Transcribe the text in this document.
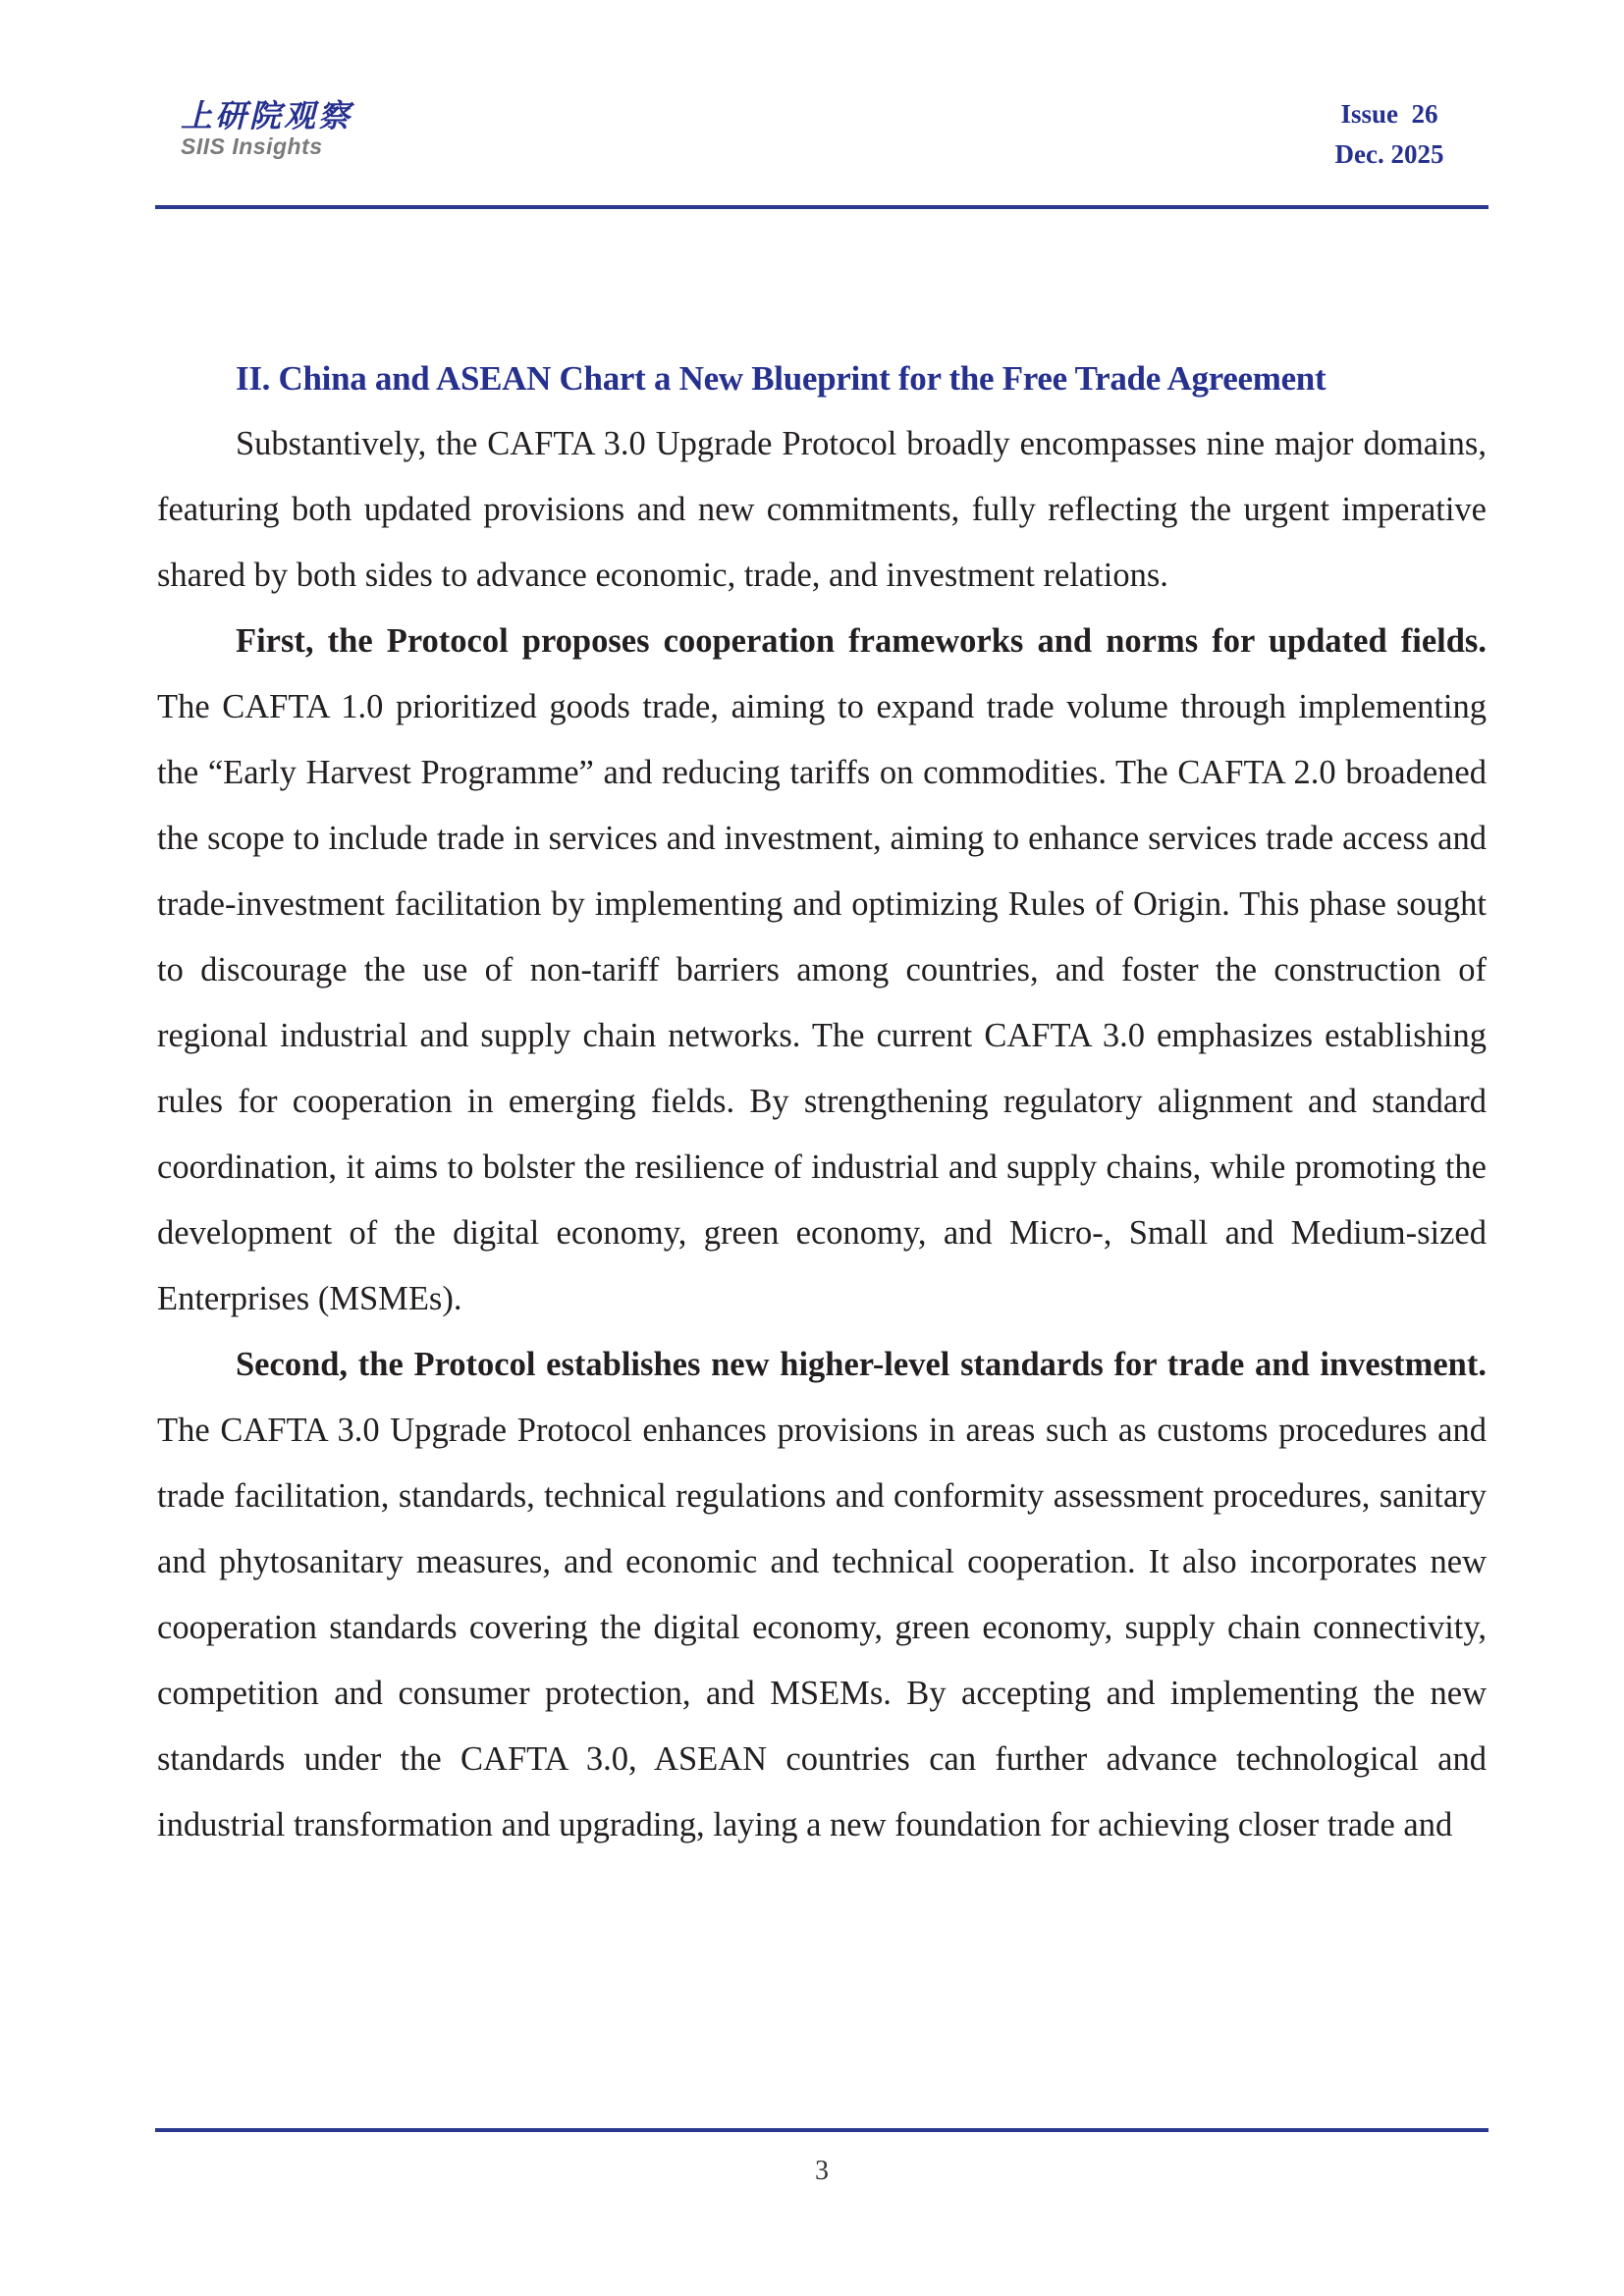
上研院观察
SIIS Insights
Issue  26
Dec. 2025
II. China and ASEAN Chart a New Blueprint for the Free Trade Agreement

Substantively, the CAFTA 3.0 Upgrade Protocol broadly encompasses nine major domains, featuring both updated provisions and new commitments, fully reflecting the urgent imperative shared by both sides to advance economic, trade, and investment relations.

First, the Protocol proposes cooperation frameworks and norms for updated fields. The CAFTA 1.0 prioritized goods trade, aiming to expand trade volume through implementing the “Early Harvest Programme” and reducing tariffs on commodities. The CAFTA 2.0 broadened the scope to include trade in services and investment, aiming to enhance services trade access and trade-investment facilitation by implementing and optimizing Rules of Origin. This phase sought to discourage the use of non-tariff barriers among countries, and foster the construction of regional industrial and supply chain networks. The current CAFTA 3.0 emphasizes establishing rules for cooperation in emerging fields. By strengthening regulatory alignment and standard coordination, it aims to bolster the resilience of industrial and supply chains, while promoting the development of the digital economy, green economy, and Micro-, Small and Medium-sized Enterprises (MSMEs).

Second, the Protocol establishes new higher-level standards for trade and investment. The CAFTA 3.0 Upgrade Protocol enhances provisions in areas such as customs procedures and trade facilitation, standards, technical regulations and conformity assessment procedures, sanitary and phytosanitary measures, and economic and technical cooperation. It also incorporates new cooperation standards covering the digital economy, green economy, supply chain connectivity, competition and consumer protection, and MSEMs. By accepting and implementing the new standards under the CAFTA 3.0, ASEAN countries can further advance technological and industrial transformation and upgrading, laying a new foundation for achieving closer trade and

3
